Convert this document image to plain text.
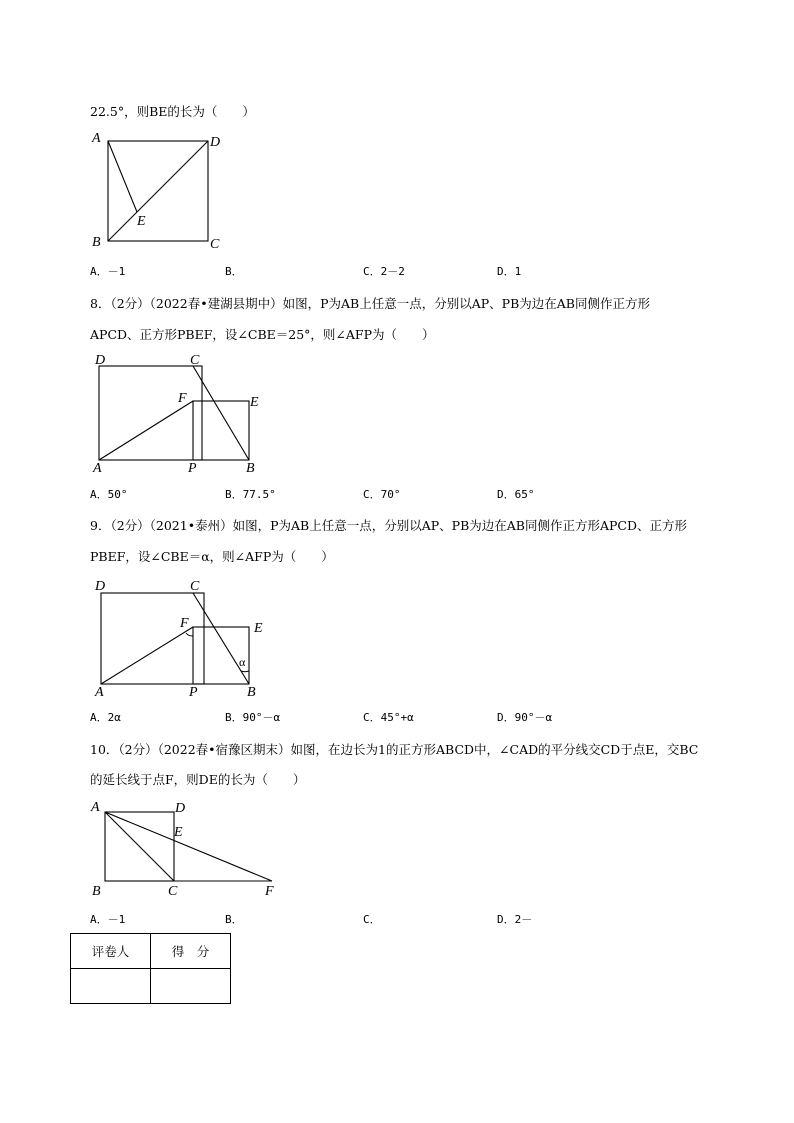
22.5°，则BE的长为（　　）
A	D
B	C
E
A．－1	B．	C．2－2	D．1
8．（2分）（2022春•建湖县期中）如图，P为AB上任意一点，分别以AP、PB为边在AB同侧作正方形
APCD、正方形PBEF，设∠CBE＝25°，则∠AFP为（　　）
D	C
F	E
A	P	B
A．50°	B．77.5°	C．70°	D．65°
9．（2分）（2021•泰州）如图，P为AB上任意一点，分别以AP、PB为边在AB同侧作正方形APCD、正方形
PBEF，设∠CBE＝α，则∠AFP为（　　）
D	C
F	E
α
A	P	B
A．2α	B．90°－α	C．45°+α	D．90°－α
10．（2分）（2022春•宿豫区期末）如图，在边长为1的正方形ABCD中，∠CAD的平分线交CD于点E，交BC
的延长线于点F，则DE的长为（　　）
A	D
E
B	C	F
A．－1	B．	C．	D．2－
评卷人	得　分
